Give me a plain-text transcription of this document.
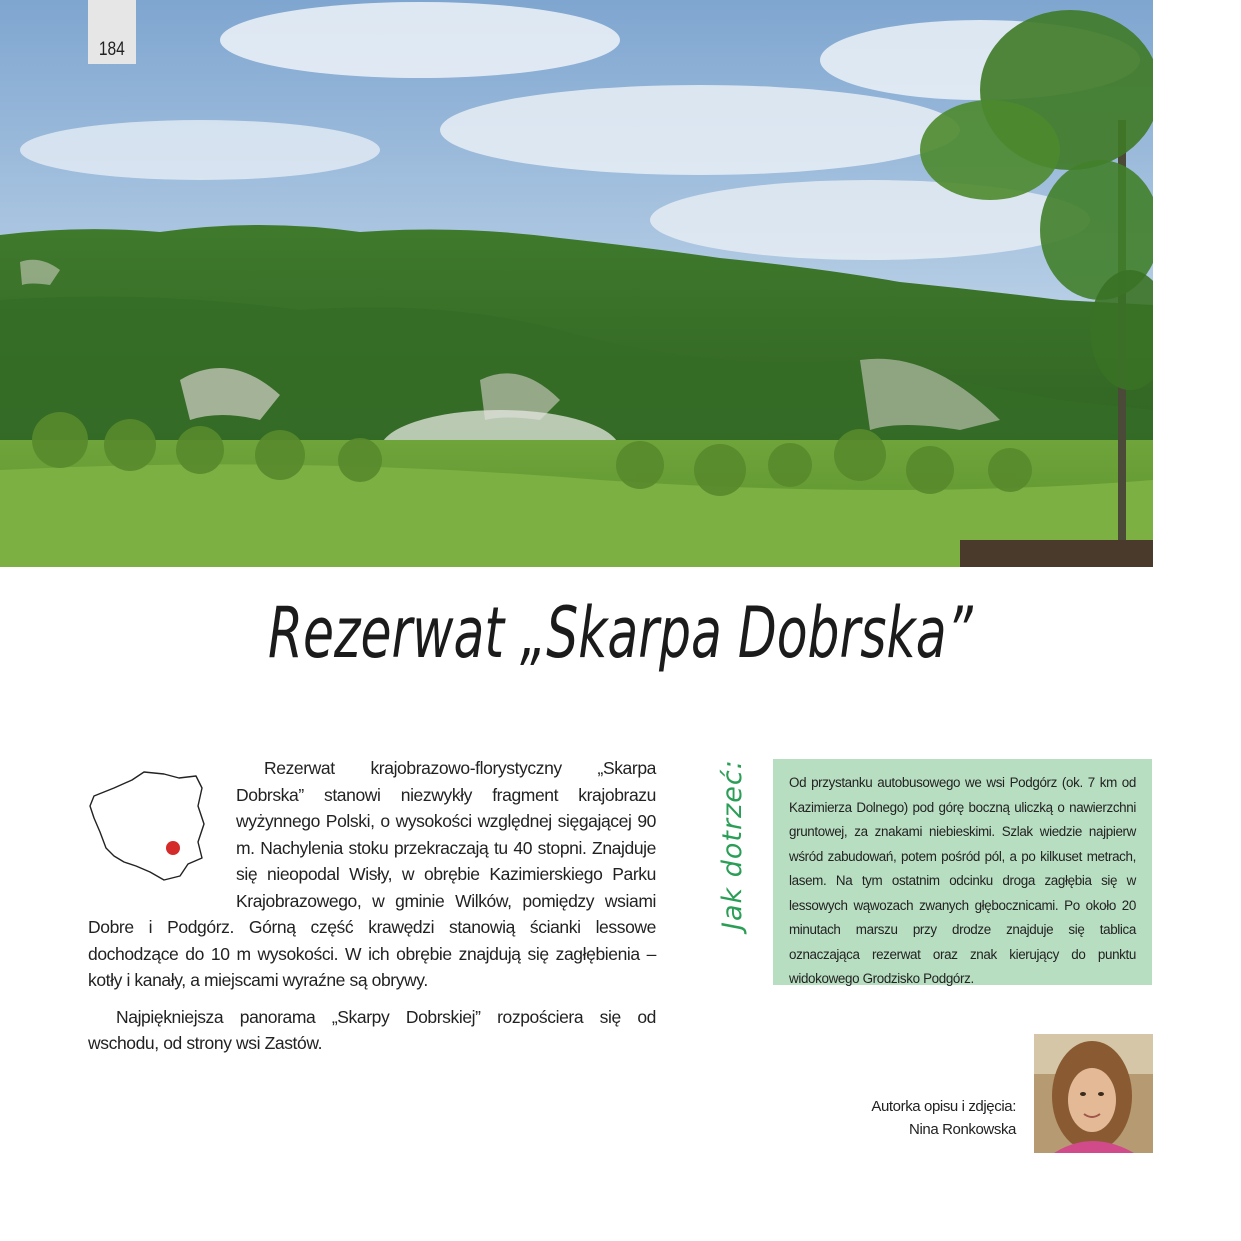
184
Rezerwat „Skarpa Dobrska”

Rezerwat krajobrazowo-florystyczny „Skarpa Dobrska” stanowi niezwykły fragment krajobrazu wyżynnego Polski, o wysokości względnej sięgającej 90 m. Nachylenia stoku przekraczają tu 40 stopni. Znajduje się nieopodal Wisły, w obrębie Kazimierskiego Parku Krajobrazowego, w gminie Wilków, pomiędzy wsiami Dobre i Podgórz. Górną część krawędzi stanowią ścianki lessowe dochodzące do 10 m wysokości. W ich obrębie znajdują się zagłębienia – kotły i kanały, a miejscami wyraźne są obrywy.

Najpiękniejsza panorama „Skarpy Dobrskiej” rozpościera się od wschodu, od strony wsi Zastów.

Jak dotrzeć:	Od przystanku autobusowego we wsi Podgórz (ok. 7 km od Kazimierza Dolnego) pod górę boczną uliczką o nawierzchni gruntowej, za znakami niebieskimi. Szlak wiedzie najpierw wśród zabudowań, potem pośród pól, a po kilkuset metrach, lasem. Na tym ostatnim odcinku droga zagłębia się w lessowych wąwozach zwanych głębocznicami. Po około 20 minutach marszu przy drodze znajduje się tablica oznaczająca rezerwat oraz znak kierujący do punktu widokowego Grodzisko Podgórz.
Autorka opisu i zdjęcia:
Nina Ronkowska
